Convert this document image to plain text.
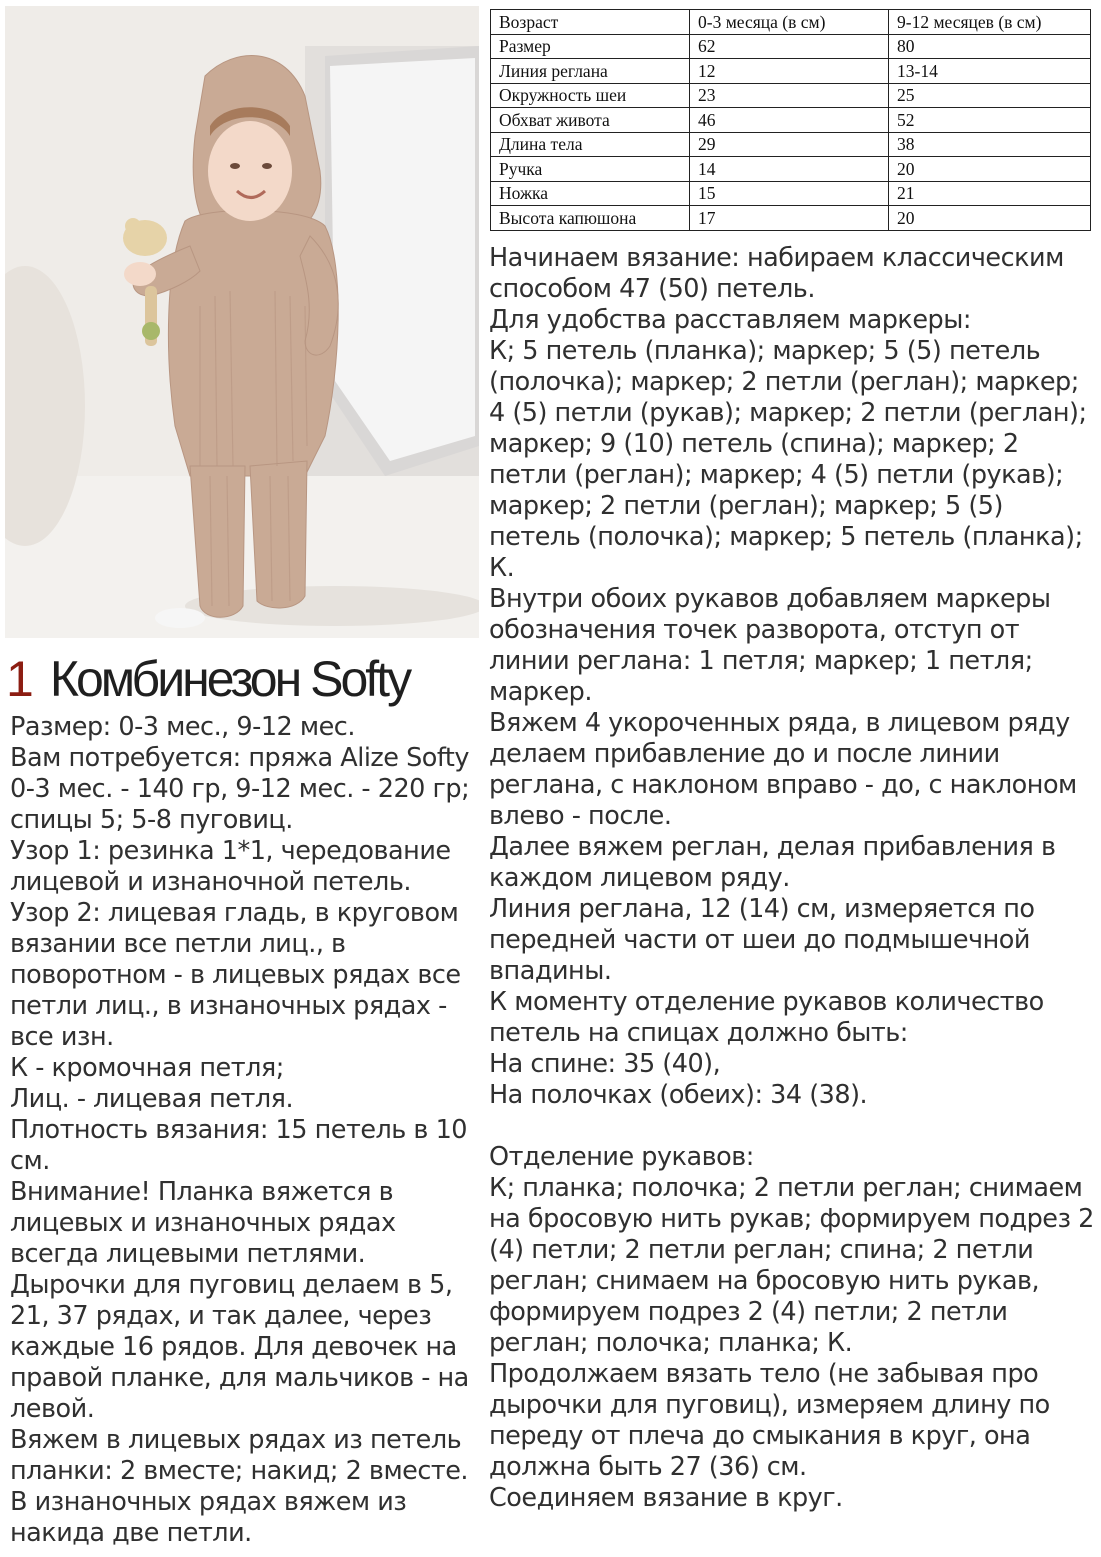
Возраст	0-3 месяца (в см)	9-12 месяцев (в см)
Размер	62	80
Линия реглана	12	13-14
Окружность шеи	23	25
Обхват живота	46	52
Длина тела	29	38
Ручка	14	20
Ножка	15	21
Высота капюшона	17	20
1 Комбинезон Softy

Размер: 0-3 мес., 9-12 мес.

Вам потребуется: пряжа Alize Softy 0-3 мес. - 140 гр, 9-12 мес. - 220 гр; спицы 5; 5-8 пуговиц.

Узор 1: резинка 1*1, чередование лицевой и изнаночной петель.

Узор 2: лицевая гладь, в круговом вязании все петли лиц., в поворотном - в лицевых рядах все петли лиц., в изнаночных рядах - все изн.

К - кромочная петля;

Лиц. - лицевая петля.

Плотность вязания: 15 петель в 10 см.

Внимание! Планка вяжется в лицевых и изнаночных рядах всегда лицевыми петлями.

Дырочки для пуговиц делаем в 5, 21, 37 рядах, и так далее, через каждые 16 рядов. Для девочек на правой планке, для мальчиков - на левой.

Вяжем в лицевых рядах из петель планки: 2 вместе; накид; 2 вместе.

В изнаночных рядах вяжем из накида две петли.

Начинаем вязание: набираем классическим способом 47 (50) петель.

Для удобства расставляем маркеры:

К; 5 петель (планка); маркер; 5 (5) петель (полочка); маркер; 2 петли (реглан); маркер; 4 (5) петли (рукав); маркер; 2 петли (реглан); маркер; 9 (10) петель (спина); маркер; 2 петли (реглан); маркер; 4 (5) петли (рукав); маркер; 2 петли (реглан); маркер; 5 (5) петель (полочка); маркер; 5 петель (планка); К.

Внутри обоих рукавов добавляем маркеры обозначения точек разворота, отступ от линии реглана: 1 петля; маркер; 1 петля; маркер.

Вяжем 4 укороченных ряда, в лицевом ряду делаем прибавление до и после линии реглана, с наклоном вправо - до, с наклоном влево - после.

Далее вяжем реглан, делая прибавления в каждом лицевом ряду.

Линия реглана, 12 (14) см, измеряется по передней части от шеи до подмышечной впадины.

К моменту отделение рукавов количество петель на спицах должно быть:

На спине: 35 (40),

На полочках (обеих): 34 (38).

Отделение рукавов:

К; планка; полочка; 2 петли реглан; снимаем на бросовую нить рукав; формируем подрез 2 (4) петли; 2 петли реглан; спина; 2 петли реглан; снимаем на бросовую нить рукав, формируем подрез 2 (4) петли; 2 петли реглан; полочка; планка; К.

Продолжаем вязать тело (не забывая про дырочки для пуговиц), измеряем длину по переду от плеча до смыкания в круг, она должна быть 27 (36) см.

Соединяем вязание в круг.
